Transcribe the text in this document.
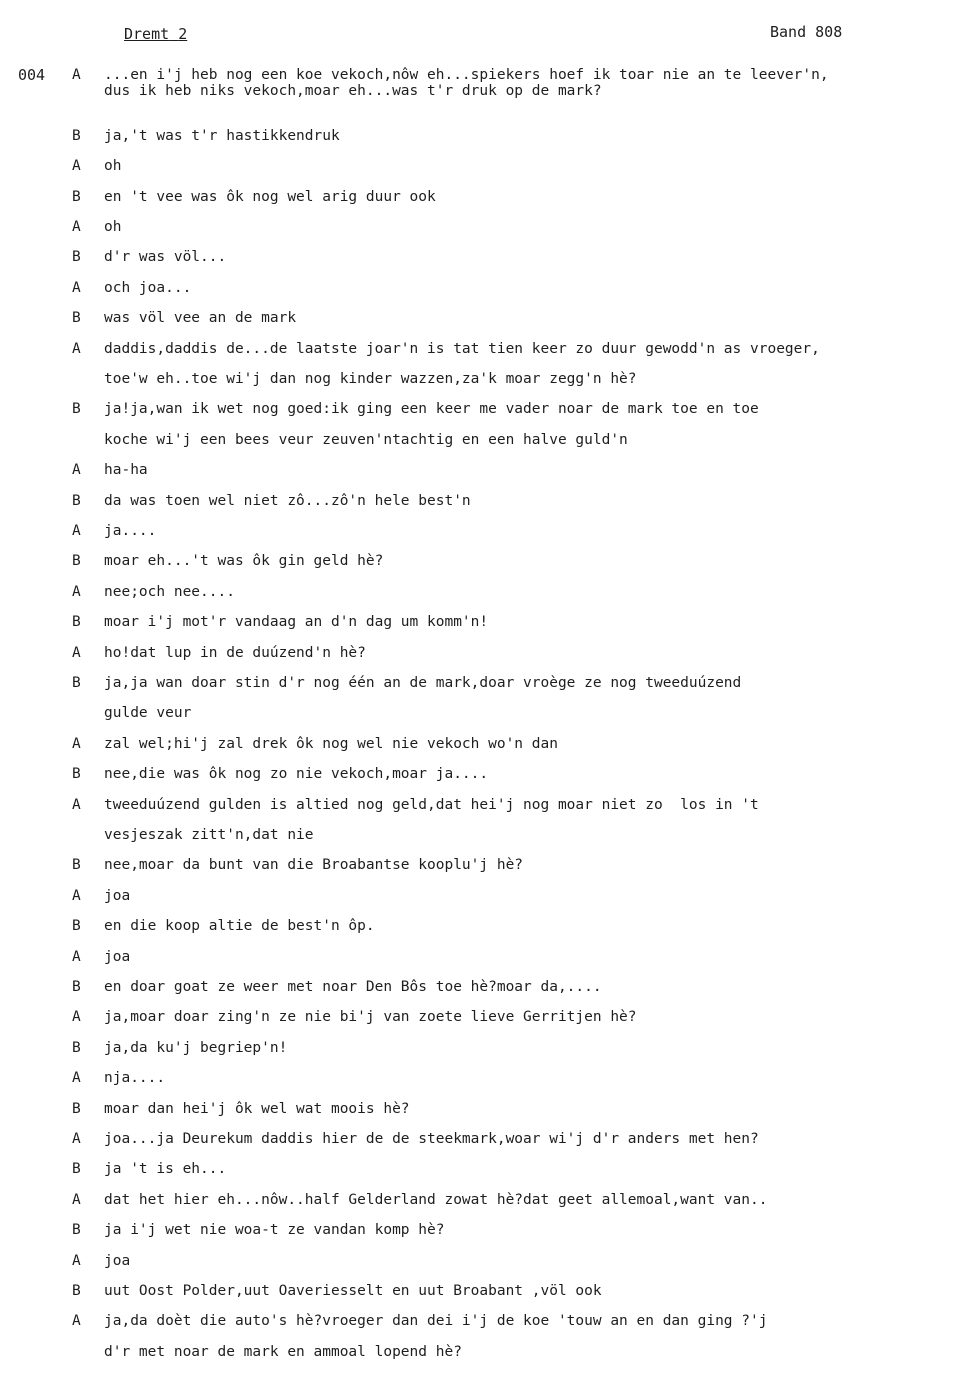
Dremt 2	Band 808
004 A ...en i'j heb nog een koe vekoch,nôw eh...spiekers hoef ik toar nie an te leever'n,
dus ik heb niks vekoch,moar eh...was t'r druk op de mark?
B ja,'t was t'r hastikkendruk
A oh
B en 't vee was ôk nog wel arig duur ook
A oh
B d'r was völ...
A och joa...
B was völ vee an de mark
A daddis,daddis de...de laatste joar'n is tat tien keer zo duur gewodd'n as vroeger,
toe'w eh..toe wi'j dan nog kinder wazzen,za'k moar zegg'n hè?
B ja!ja,wan ik wet nog goed:ik ging een keer me vader noar de mark toe en toe
koche wi'j een bees veur zeuven'ntachtig en een halve guld'n
A ha-ha
B da was toen wel niet zô...zô'n hele best'n
A ja....
B moar eh...'t was ôk gin geld hè?
A nee;och nee....
B moar i'j mot'r vandaag an d'n dag um komm'n!
A ho!dat lup in de duúzend'n hè?
B ja,ja wan doar stin d'r nog één an de mark,doar vroège ze nog tweeduúzend
gulde veur
A zal wel;hi'j zal drek ôk nog wel nie vekoch wo'n dan
B nee,die was ôk nog zo nie vekoch,moar ja....
A tweeduúzend gulden is altied nog geld,dat hei'j nog moar niet zo  los in 't
vesjeszak zitt'n,dat nie
B nee,moar da bunt van die Broabantse kooplu'j hè?
A joa
B en die koop altie de best'n ôp.
A joa
B en doar goat ze weer met noar Den Bôs toe hè?moar da,....
A ja,moar doar zing'n ze nie bi'j van zoete lieve Gerritjen hè?
B ja,da ku'j begriep'n!
A nja....
B moar dan hei'j ôk wel wat moois hè?
A joa...ja Deurekum daddis hier de de steekmark,woar wi'j d'r anders met hen?
B ja 't is eh...
A dat het hier eh...nôw..half Gelderland zowat hè?dat geet allemoal,want van..
B ja i'j wet nie woa-t ze vandan komp hè?
A joa
B uut Oost Polder,uut Oaveriesselt en uut Broabant ,völ ook
A ja,da doèt die auto's hè?vroeger dan dei i'j de koe 'touw an en dan ging ?'j
d'r met noar de mark en ammoal lopend hè?
